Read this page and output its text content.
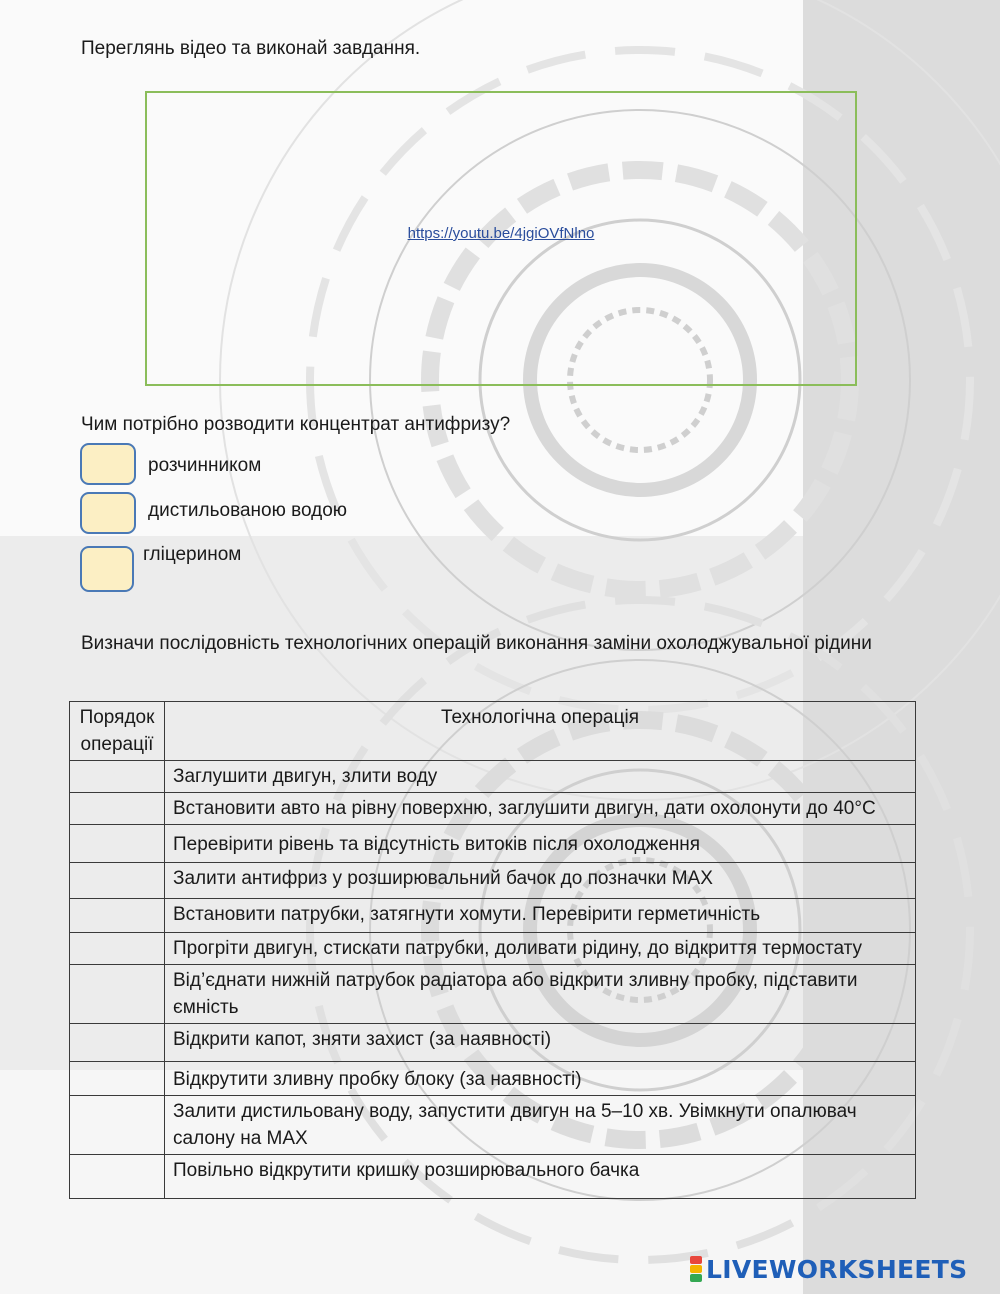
Переглянь відео та виконай завдання.
https://youtu.be/4jgiOVfNlno
Чим потрібно розводити концентрат антифризу?
розчинником
дистильованою водою
гліцерином
Визначи послідовність технологічних операцій виконання заміни охолоджувальної рідини
Порядок операції	Технологічна операція
	Заглушити двигун, злити воду
	Встановити авто на рівну поверхню, заглушити двигун, дати охолонути до 40°С
	Перевірити рівень та відсутність витоків після охолодження
	Залити антифриз у розширювальний бачок до позначки MAX
	Встановити патрубки, затягнути хомути. Перевірити герметичність
	Прогріти двигун, стискати патрубки, доливати рідину, до відкриття термостату
	Від’єднати нижній патрубок радіатора або відкрити зливну пробку, підставити ємність
	Відкрити капот, зняти захист (за наявності)
	Відкрутити зливну пробку блоку (за наявності)
	Залити дистильовану воду, запустити двигун на 5–10 хв. Увімкнути опалювач салону на MAX
	Повільно відкрутити кришку розширювального бачка
LIVEWORKSHEETS
